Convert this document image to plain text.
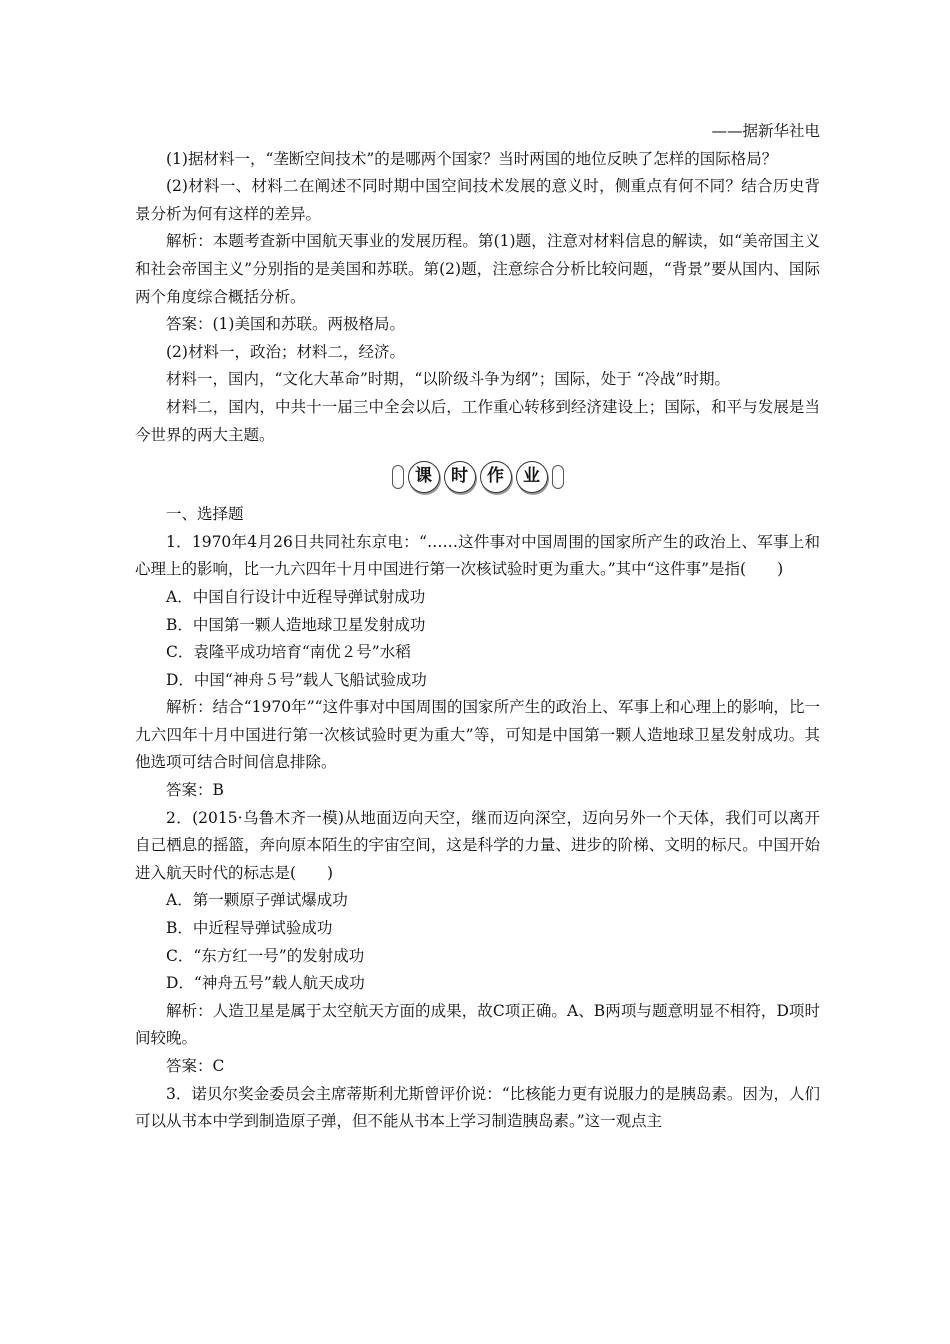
——据新华社电

(1)据材料一，“垄断空间技术”的是哪两个国家？当时两国的地位反映了怎样的国际格局？

(2)材料一、材料二在阐述不同时期中国空间技术发展的意义时，侧重点有何不同？结合历史背景分析为何有这样的差异。

解析：本题考查新中国航天事业的发展历程。第(1)题，注意对材料信息的解读，如“美帝国主义和社会帝国主义”分别指的是美国和苏联。第(2)题，注意综合分析比较问题，“背景”要从国内、国际两个角度综合概括分析。

答案：(1)美国和苏联。两极格局。

(2)材料一，政治；材料二，经济。

材料一，国内，“文化大革命”时期，“以阶级斗争为纲”；国际，处于 “冷战”时期。

材料二，国内，中共十一届三中全会以后，工作重心转移到经济建设上；国际，和平与发展是当今世界的两大主题。

课	时	作	业

一、选择题

1．1970年4月26日共同社东京电：“……这件事对中国周围的国家所产生的政治上、军事上和心理上的影响，比一九六四年十月中国进行第一次核试验时更为重大。”其中“这件事”是指(　　)

A．中国自行设计中近程导弹试射成功

B．中国第一颗人造地球卫星发射成功

C．袁隆平成功培育“南优２号”水稻

D．中国“神舟５号”载人飞船试验成功

解析：结合“1970年”“这件事对中国周围的国家所产生的政治上、军事上和心理上的影响，比一九六四年十月中国进行第一次核试验时更为重大”等，可知是中国第一颗人造地球卫星发射成功。其他选项可结合时间信息排除。

答案：B

2．(2015·乌鲁木齐一模)从地面迈向天空，继而迈向深空，迈向另外一个天体，我们可以离开自己栖息的摇篮，奔向原本陌生的宇宙空间，这是科学的力量、进步的阶梯、文明的标尺。中国开始进入航天时代的标志是(　　)

A．第一颗原子弹试爆成功

B．中近程导弹试验成功

C．“东方红一号”的发射成功

D．“神舟五号”载人航天成功

解析：人造卫星是属于太空航天方面的成果，故C项正确。A、B两项与题意明显不相符，D项时间较晚。

答案：C

3．诺贝尔奖金委员会主席蒂斯利尤斯曾评价说：“比核能力更有说服力的是胰岛素。因为，人们可以从书本中学到制造原子弹，但不能从书本上学习制造胰岛素。”这一观点主
